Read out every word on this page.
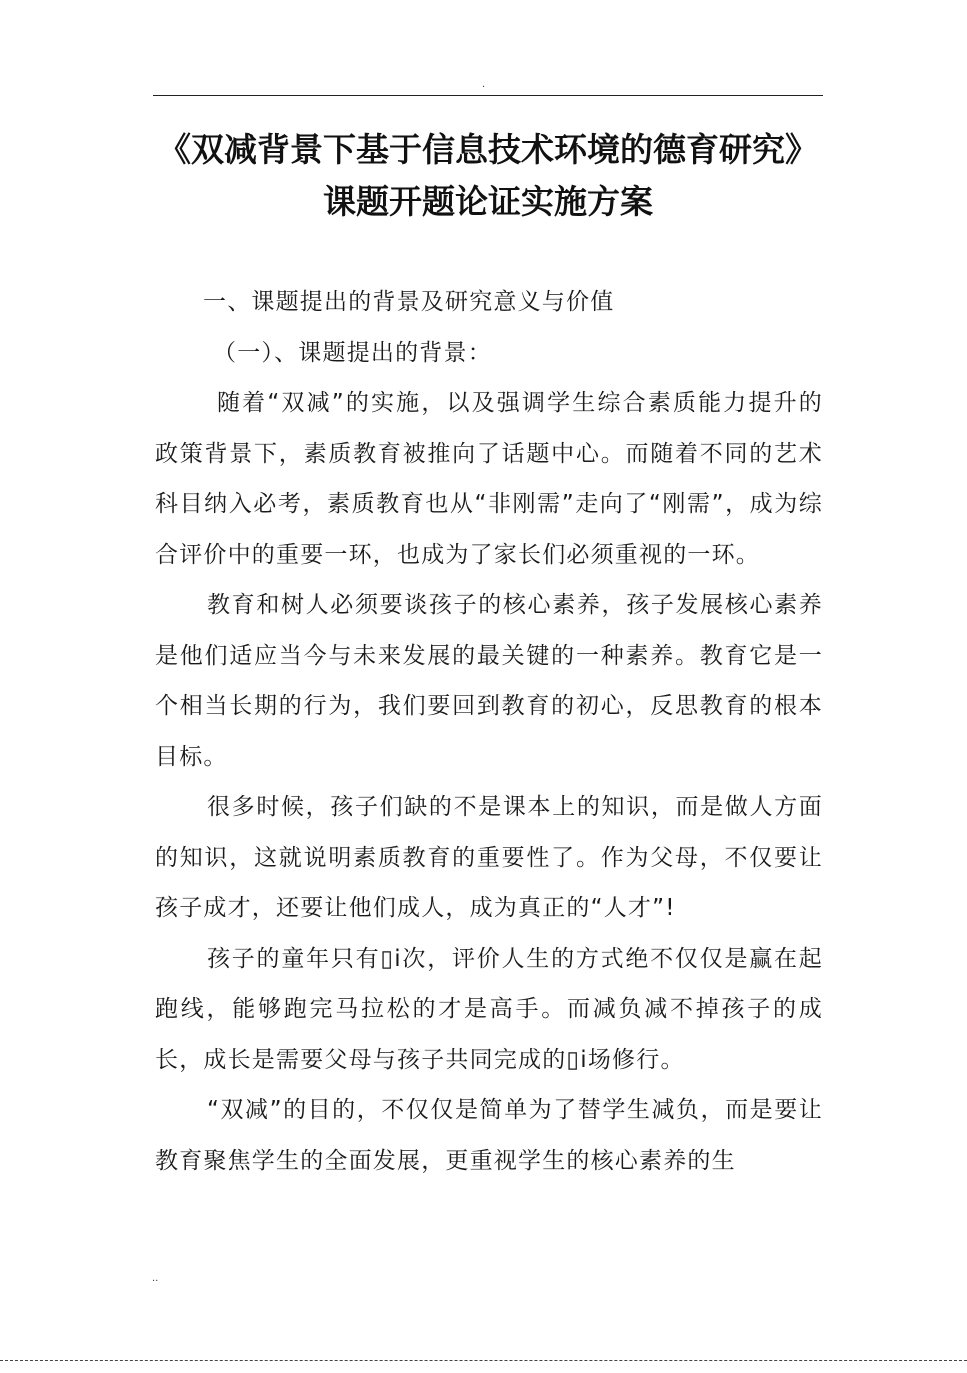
.
《双减背景下基于信息技术环境的德育研究》课题开题论证实施方案

一、课题提出的背景及研究意义与价值

（一）、课题提出的背景：

随着“双减”的实施，以及强调学生综合素质能力提升的政策背景下，素质教育被推向了话题中心。而随着不同的艺术科目纳入必考，素质教育也从“非刚需”走向了“刚需”，成为综合评价中的重要一环，也成为了家长们必须重视的一环。

教育和树人必须要谈孩子的核心素养，孩子发展核心素养是他们适应当今与未来发展的最关键的一种素养。教育它是一个相当长期的行为，我们要回到教育的初心，反思教育的根本目标。

很多时候，孩子们缺的不是课本上的知识，而是做人方面的知识，这就说明素质教育的重要性了。作为父母，不仅要让孩子成才，还要让他们成人，成为真正的“人才”!

孩子的童年只有▯i次，评价人生的方式绝不仅仅是赢在起跑线，能够跑完马拉松的才是高手。而减负减不掉孩子的成长，成长是需要父母与孩子共同完成的▯i场修行。

“双减”的目的，不仅仅是简单为了替学生减负，而是要让教育聚焦学生的全面发展，更重视学生的核心素养的生

..
